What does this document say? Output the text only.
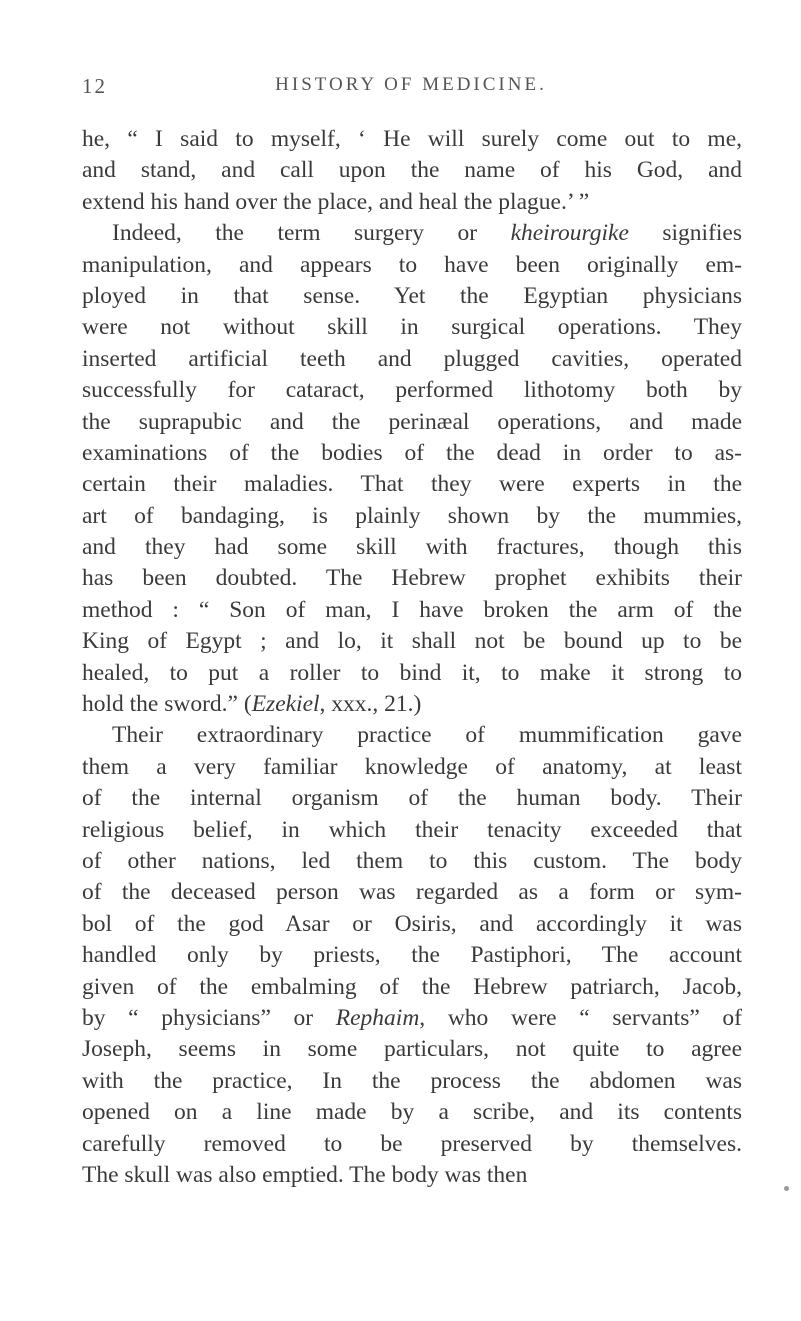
12	HISTORY OF MEDICINE.
he, “ I said to myself, ‘ He will surely come out to me,
and stand, and call upon the name of his God, and
extend his hand over the place, and heal the plague.’ ”
Indeed, the term surgery or kheirourgike signifies
manipulation, and appears to have been originally em-
ployed in that sense. Yet the Egyptian physicians
were not without skill in surgical operations. They
inserted artificial teeth and plugged cavities, operated
successfully for cataract, performed lithotomy both by
the suprapubic and the perinæal operations, and made
examinations of the bodies of the dead in order to as-
certain their maladies. That they were experts in the
art of bandaging, is plainly shown by the mummies,
and they had some skill with fractures, though this
has been doubted. The Hebrew prophet exhibits their
method : “ Son of man, I have broken the arm of the
King of Egypt ; and lo, it shall not be bound up to be
healed, to put a roller to bind it, to make it strong to
hold the sword.” (Ezekiel, xxx., 21.)
Their extraordinary practice of mummification gave
them a very familiar knowledge of anatomy, at least
of the internal organism of the human body. Their
religious belief, in which their tenacity exceeded that
of other nations, led them to this custom. The body
of the deceased person was regarded as a form or sym-
bol of the god Asar or Osiris, and accordingly it was
handled only by priests, the Pastiphori, The account
given of the embalming of the Hebrew patriarch, Jacob,
by “ physicians” or Rephaim, who were “ servants” of
Joseph, seems in some particulars, not quite to agree
with the practice, In the process the abdomen was
opened on a line made by a scribe, and its contents
carefully removed to be preserved by themselves.
The skull was also emptied. The body was then
